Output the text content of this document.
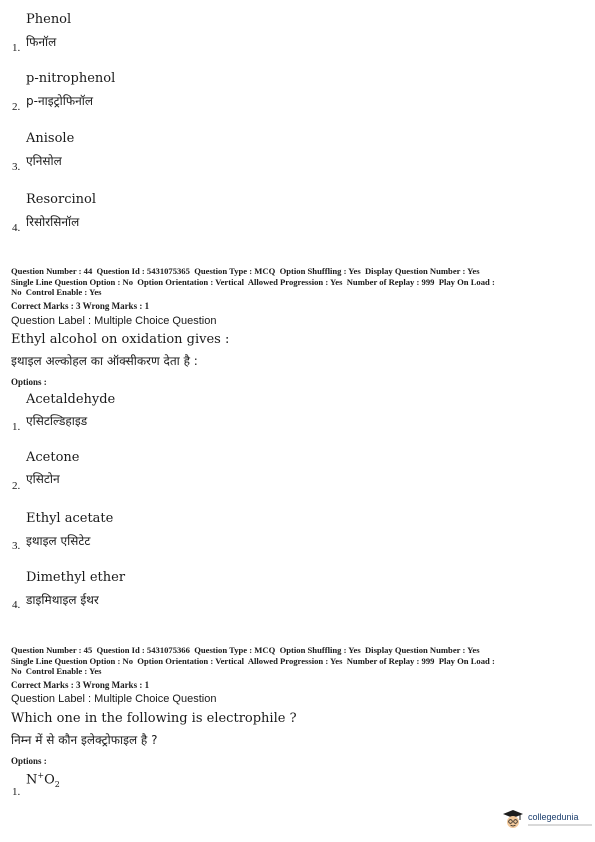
Phenol
1. फिनॉल
p-nitrophenol
2. p-नाइट्रोफिनॉल
Anisole
3. एनिसोल
Resorcinol
4. रिसोरसिनॉल
Question Number : 44  Question Id : 5431075365  Question Type : MCQ  Option Shuffling : Yes  Display Question Number : Yes
Single Line Question Option : No  Option Orientation : Vertical  Allowed Progression : Yes  Number of Replay : 999  Play On Load :
No  Control Enable : Yes
Correct Marks : 3 Wrong Marks : 1
Question Label : Multiple Choice Question
Ethyl alcohol on oxidation gives :
इथाइल अल्कोहल का ऑक्सीकरण देता है :
Options :
Acetaldehyde
1. एसिटल्डिहाइड
Acetone
2. एसिटोन
Ethyl acetate
3. इथाइल एसिटेट
Dimethyl ether
4. डाइमिथाइल ईथर
Question Number : 45  Question Id : 5431075366  Question Type : MCQ  Option Shuffling : Yes  Display Question Number : Yes
Single Line Question Option : No  Option Orientation : Vertical  Allowed Progression : Yes  Number of Replay : 999  Play On Load :
No  Control Enable : Yes
Correct Marks : 3 Wrong Marks : 1
Question Label : Multiple Choice Question
Which one in the following is electrophile ?
निम्न में से कौन इलेक्ट्रोफाइल है ?
Options :
1.
$N^+O_2$
collegedunia
